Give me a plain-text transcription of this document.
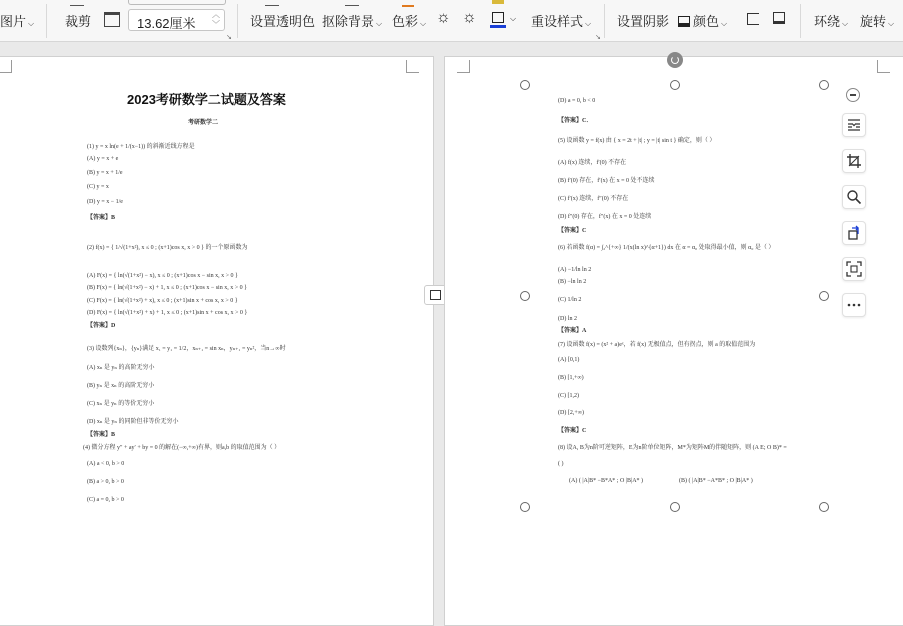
图片 ⌵ 裁剪	13.62厘米
︿
﹀
↘
设置透明色 抠除背景 ⌵ 色彩 ⌵ ☼ ☼	⌵ 重设样式 ⌵
↘
设置阴影	颜色 ⌵	环绕 ⌵ 旋转 ⌵
2023考研数学二试题及答案
考研数学二
(1) y = x ln(e + 1/(x−1)) 的斜渐近线方程是
(A) y = x + e
(B) y = x + 1/e
(C) y = x
(D) y = x − 1/e
【答案】B
(2) f(x) = { 1/√(1+x²), x ≤ 0 ; (x+1)cos x, x > 0 } 的一个原函数为
(A) F(x) = { ln(√(1+x²) − x), x ≤ 0 ; (x+1)cos x − sin x, x > 0 }
(B) F(x) = { ln(√(1+x²) − x) + 1, x ≤ 0 ; (x+1)cos x − sin x, x > 0 }
(C) F(x) = { ln(√(1+x²) + x), x ≤ 0 ; (x+1)sin x + cos x, x > 0 }
(D) F(x) = { ln(√(1+x²) + x) + 1, x ≤ 0 ; (x+1)sin x + cos x, x > 0 }
【答案】D
(3) 设数列{xₙ}，{yₙ}满足 x₁ = y₁ = 1/2，xₙ₊₁ = sin xₙ，yₙ₊₁ = yₙ²，当n→∞时
(A) xₙ 是 yₙ 的高阶无穷小
(B) yₙ 是 xₙ 的高阶无穷小
(C) xₙ 是 yₙ 的等价无穷小
(D) xₙ 是 yₙ 的同阶但非等价无穷小
【答案】B
(4) 微分方程 y″ + ay′ + by = 0 的解在(−∞,+∞)有界，则a,b 的取值范围为（ ）
(A) a < 0, b > 0
(B) a > 0, b > 0
(C) a = 0, b > 0
(D) a = 0, b < 0
【答案】C．
(5) 设函数 y = f(x) 由 { x = 2t + |t| ; y = |t| sin t } 确定，则（ ）
(A) f(x) 连续，f′(0) 不存在
(B) f′(0) 存在，f′(x) 在 x = 0 处不连续
(C) f′(x) 连续，f″(0) 不存在
(D) f″(0) 存在，f″(x) 在 x = 0 处连续
【答案】C
(6) 若函数 f(α) = ∫₂^{+∞} 1/(x(ln x)^{α+1}) dx 在 α = α₀ 处取得最小值，则 α₀ 是（ ）
(A) −1/ln ln 2
(B) −ln ln 2
(C) 1/ln 2
(D) ln 2
【答案】A
(7) 设函数 f(x) = (x² + a)eˣ，若 f(x) 无极值点，但有拐点，则 a 的取值范围为
(A) [0,1)
(B) [1,+∞)
(C) [1,2)
(D) [2,+∞)
【答案】C
(8) 设A, B为n阶可逆矩阵，E为n阶单位矩阵，M*为矩阵M的伴随矩阵，则 (A E; O B)* =
( )
(A) ( |A|B* −B*A* ; O |B|A* )	(B) ( |A|B* −A*B* ; O |B|A* )
